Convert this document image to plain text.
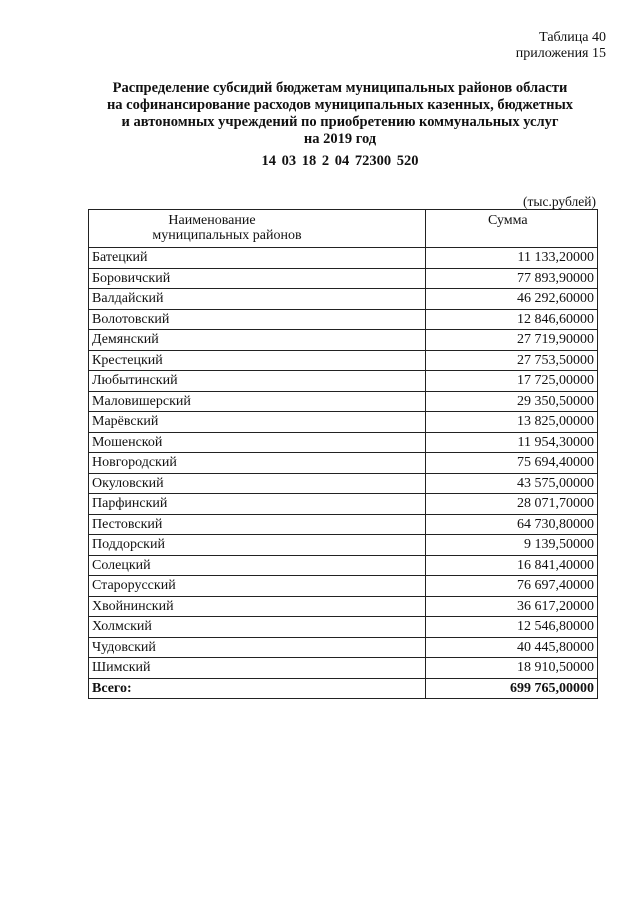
Таблица 40
приложения 15
Распределение субсидий бюджетам муниципальных районов области
на софинансирование расходов муниципальных казенных, бюджетных
и автономных учреждений по приобретению коммунальных услуг
на 2019 год
14 03 18 2 04 72300 520
(тыс.рублей)
Наименование
муниципальных районов	Сумма
Батецкий	11 133,20000
Боровичский	77 893,90000
Валдайский	46 292,60000
Волотовский	12 846,60000
Демянский	27 719,90000
Крестецкий	27 753,50000
Любытинский	17 725,00000
Маловишерский	29 350,50000
Марёвский	13 825,00000
Мошенской	11 954,30000
Новгородский	75 694,40000
Окуловский	43 575,00000
Парфинский	28 071,70000
Пестовский	64 730,80000
Поддорский	9 139,50000
Солецкий	16 841,40000
Старорусский	76 697,40000
Хвойнинский	36 617,20000
Холмский	12 546,80000
Чудовский	40 445,80000
Шимский	18 910,50000
Всего:	699 765,00000
